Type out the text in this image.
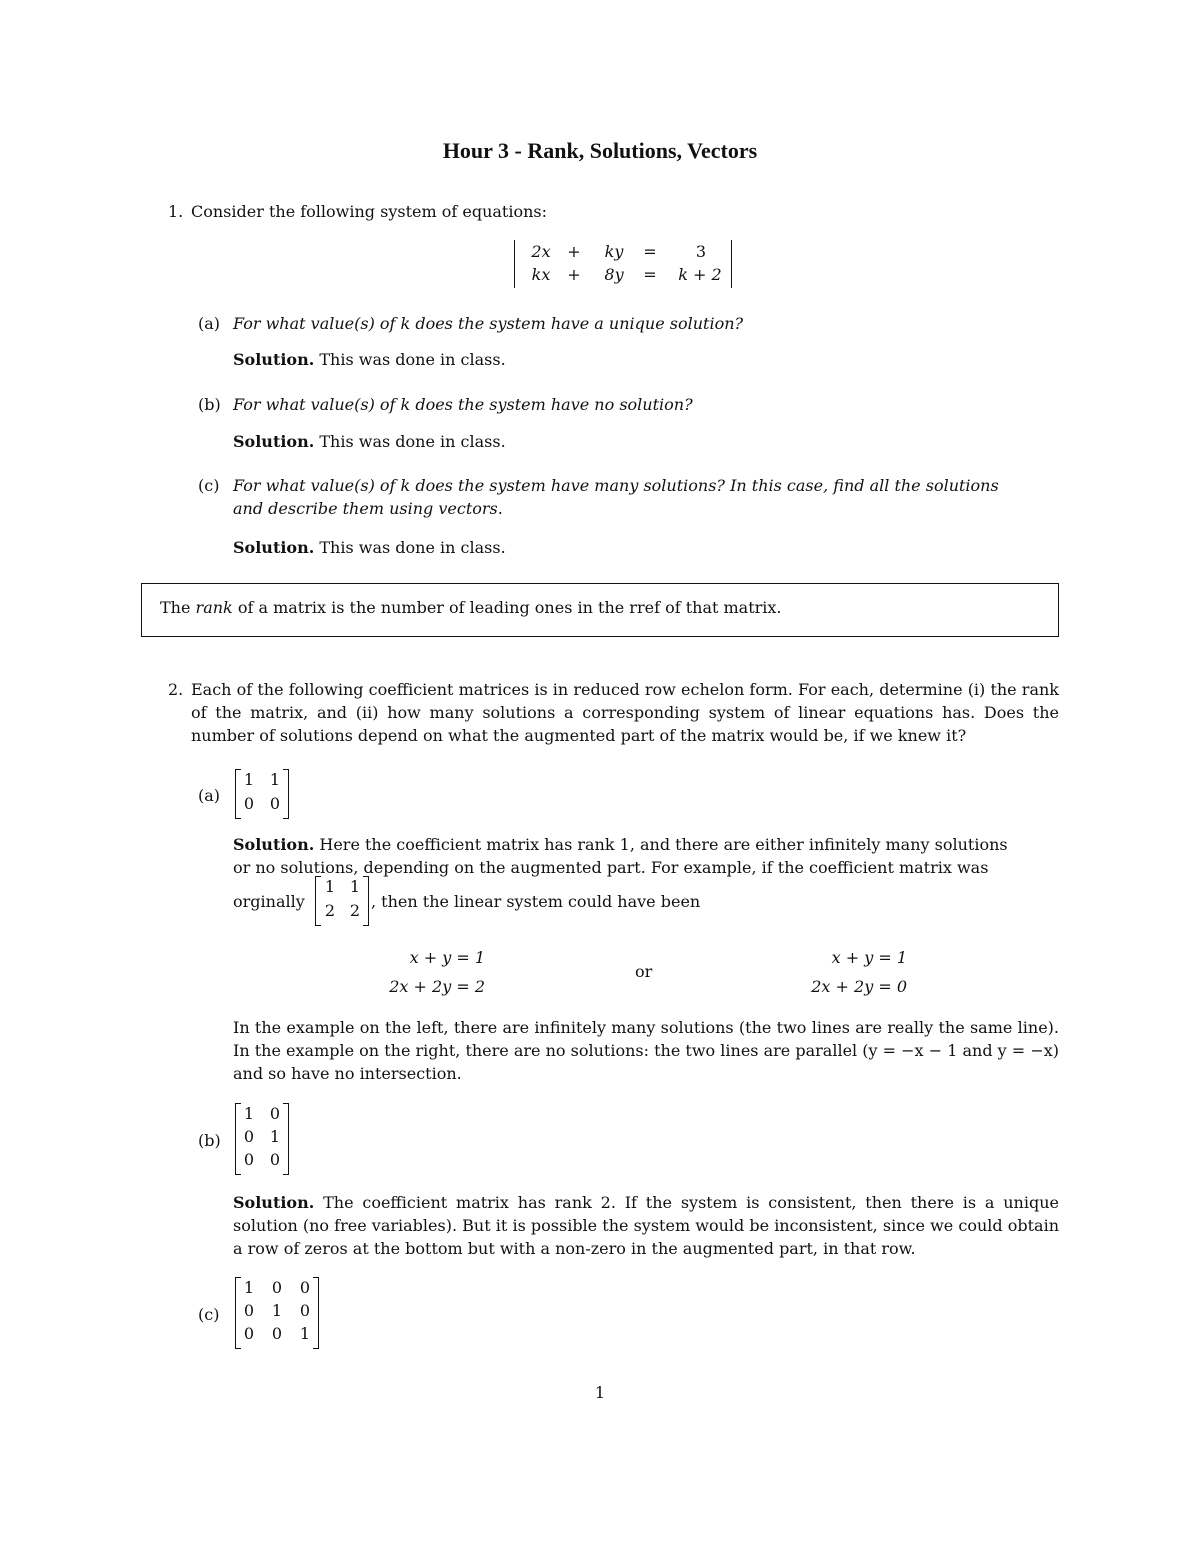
Hour 3 - Rank, Solutions, Vectors
1. Consider the following system of equations:
2x	+	ky	=	3
kx	+	8y	=	k + 2
(a) For what value(s) of k does the system have a unique solution?
Solution. This was done in class.
(b) For what value(s) of k does the system have no solution?
Solution. This was done in class.
(c) For what value(s) of k does the system have many solutions? In this case, find all the solutions
and describe them using vectors.
Solution. This was done in class.
The rank of a matrix is the number of leading ones in the rref of that matrix.
2. Each of the following coefficient matrices is in reduced row echelon form. For each, determine (i) the rank of the matrix, and (ii) how many solutions a corresponding system of linear equations has. Does the number of solutions depend on what the augmented part of the matrix would be, if we knew it?
(a)
1 1
0 0
Solution. Here the coefficient matrix has rank 1, and there are either infinitely many solutions
or no solutions, depending on the augmented part. For example, if the coefficient matrix was
orginally
1 1
2 2 , then the linear system could have been
x + y = 1
2x + 2y = 2
or
x + y = 1
2x + 2y = 0
In the example on the left, there are infinitely many solutions (the two lines are really the same line). In the example on the right, there are no solutions: the two lines are parallel (y = −x − 1 and y = −x) and so have no intersection.
(b)
1 0
0 1
0 0
Solution. The coefficient matrix has rank 2. If the system is consistent, then there is a unique solution (no free variables). But it is possible the system would be inconsistent, since we could obtain a row of zeros at the bottom but with a non-zero in the augmented part, in that row.
(c)
1	0	0
0	1	0
0	0	1
1
